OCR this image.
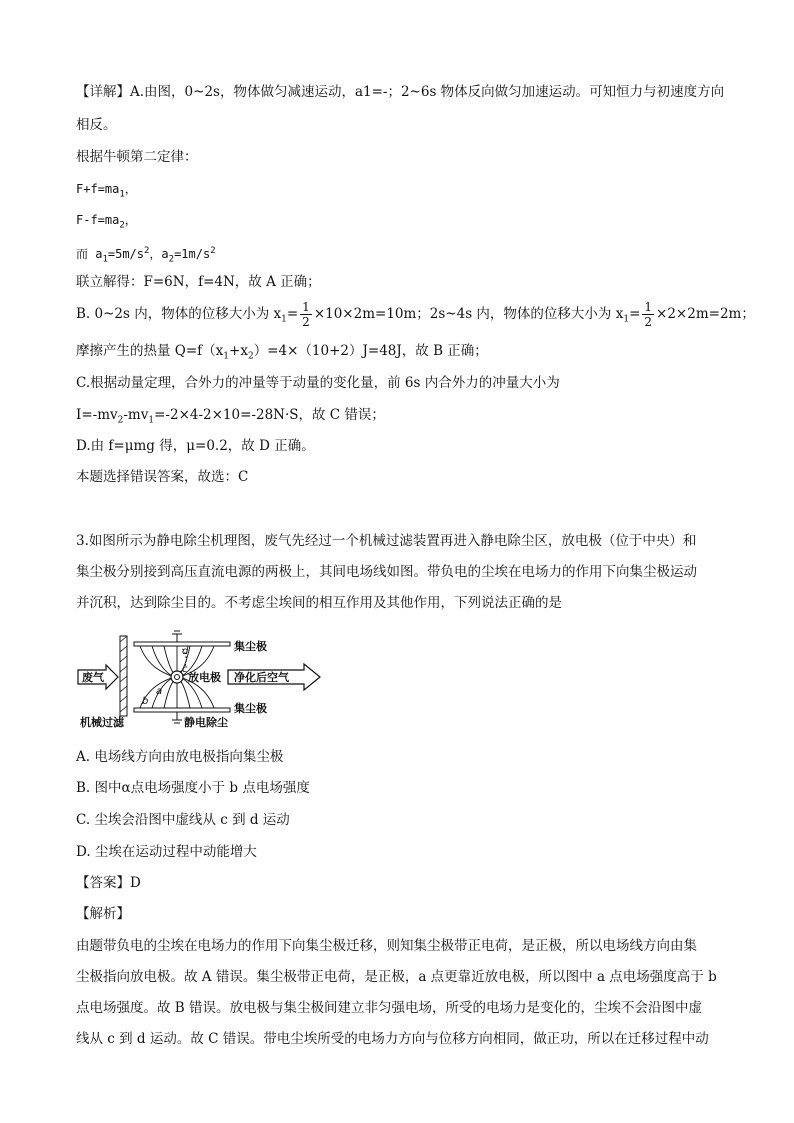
【详解】A.由图，0~2s，物体做匀减速运动，a1=-；2~6s 物体反向做匀加速运动。可知恒力与初速度方向
相反。
根据牛顿第二定律：
$F+f=ma_1$，
$F-f=ma_2$，
而 $a_1=5m/s^2$，$a_2=1m/s^2$
联立解得：F=6N，f=4N，故 A 正确；
B. 0~2s 内，物体的位移大小为 $x_1= \frac{1}{2} \times 10\times 2m=10m$；2s~4s 内，物体的位移大小为 $x_1= \frac{1}{2} \times 2\times 2m=2m$；
摩擦产生的热量 $Q=f(x_1+x_2)=4\times(10+2)J=48J$，故 B 正确；
C.根据动量定理，合外力的冲量等于动量的变化量，前 6s 内合外力的冲量大小为
$I=-mv_2-mv_1=-2\times 4-2\times 10=-28N\cdot S$，故 C 错误；
D.由 f=μmg 得，μ=0.2，故 D 正确。
本题选择错误答案，故选：C
3.如图所示为静电除尘机理图，废气先经过一个机械过滤装置再进入静电除尘区，放电极（位于中央）和
集尘极分别接到高压直流电源的两极上，其间电场线如图。带负电的尘埃在电场力的作用下向集尘极运动
并沉积，达到除尘目的。不考虑尘埃间的相互作用及其他作用，下列说法正确的是
废气
d
c
a
b
集尘极
放电极
集尘极
净化后空气
机械过滤	静电除尘
A. 电场线方向由放电极指向集尘极
B. 图中α点电场强度小于 b 点电场强度
C. 尘埃会沿图中虚线从 c 到 d 运动
D. 尘埃在运动过程中动能增大
【答案】D
【解析】
由题带负电的尘埃在电场力的作用下向集尘极迁移，则知集尘极带正电荷，是正极，所以电场线方向由集
尘极指向放电极。故 A 错误。集尘极带正电荷，是正极，a 点更靠近放电极，所以图中 a 点电场强度高于 b
点电场强度。故 B 错误。放电极与集尘极间建立非匀强电场，所受的电场力是变化的，尘埃不会沿图中虚
线从 c 到 d 运动。故 C 错误。带电尘埃所受的电场力方向与位移方向相同，做正功，所以在迁移过程中动
